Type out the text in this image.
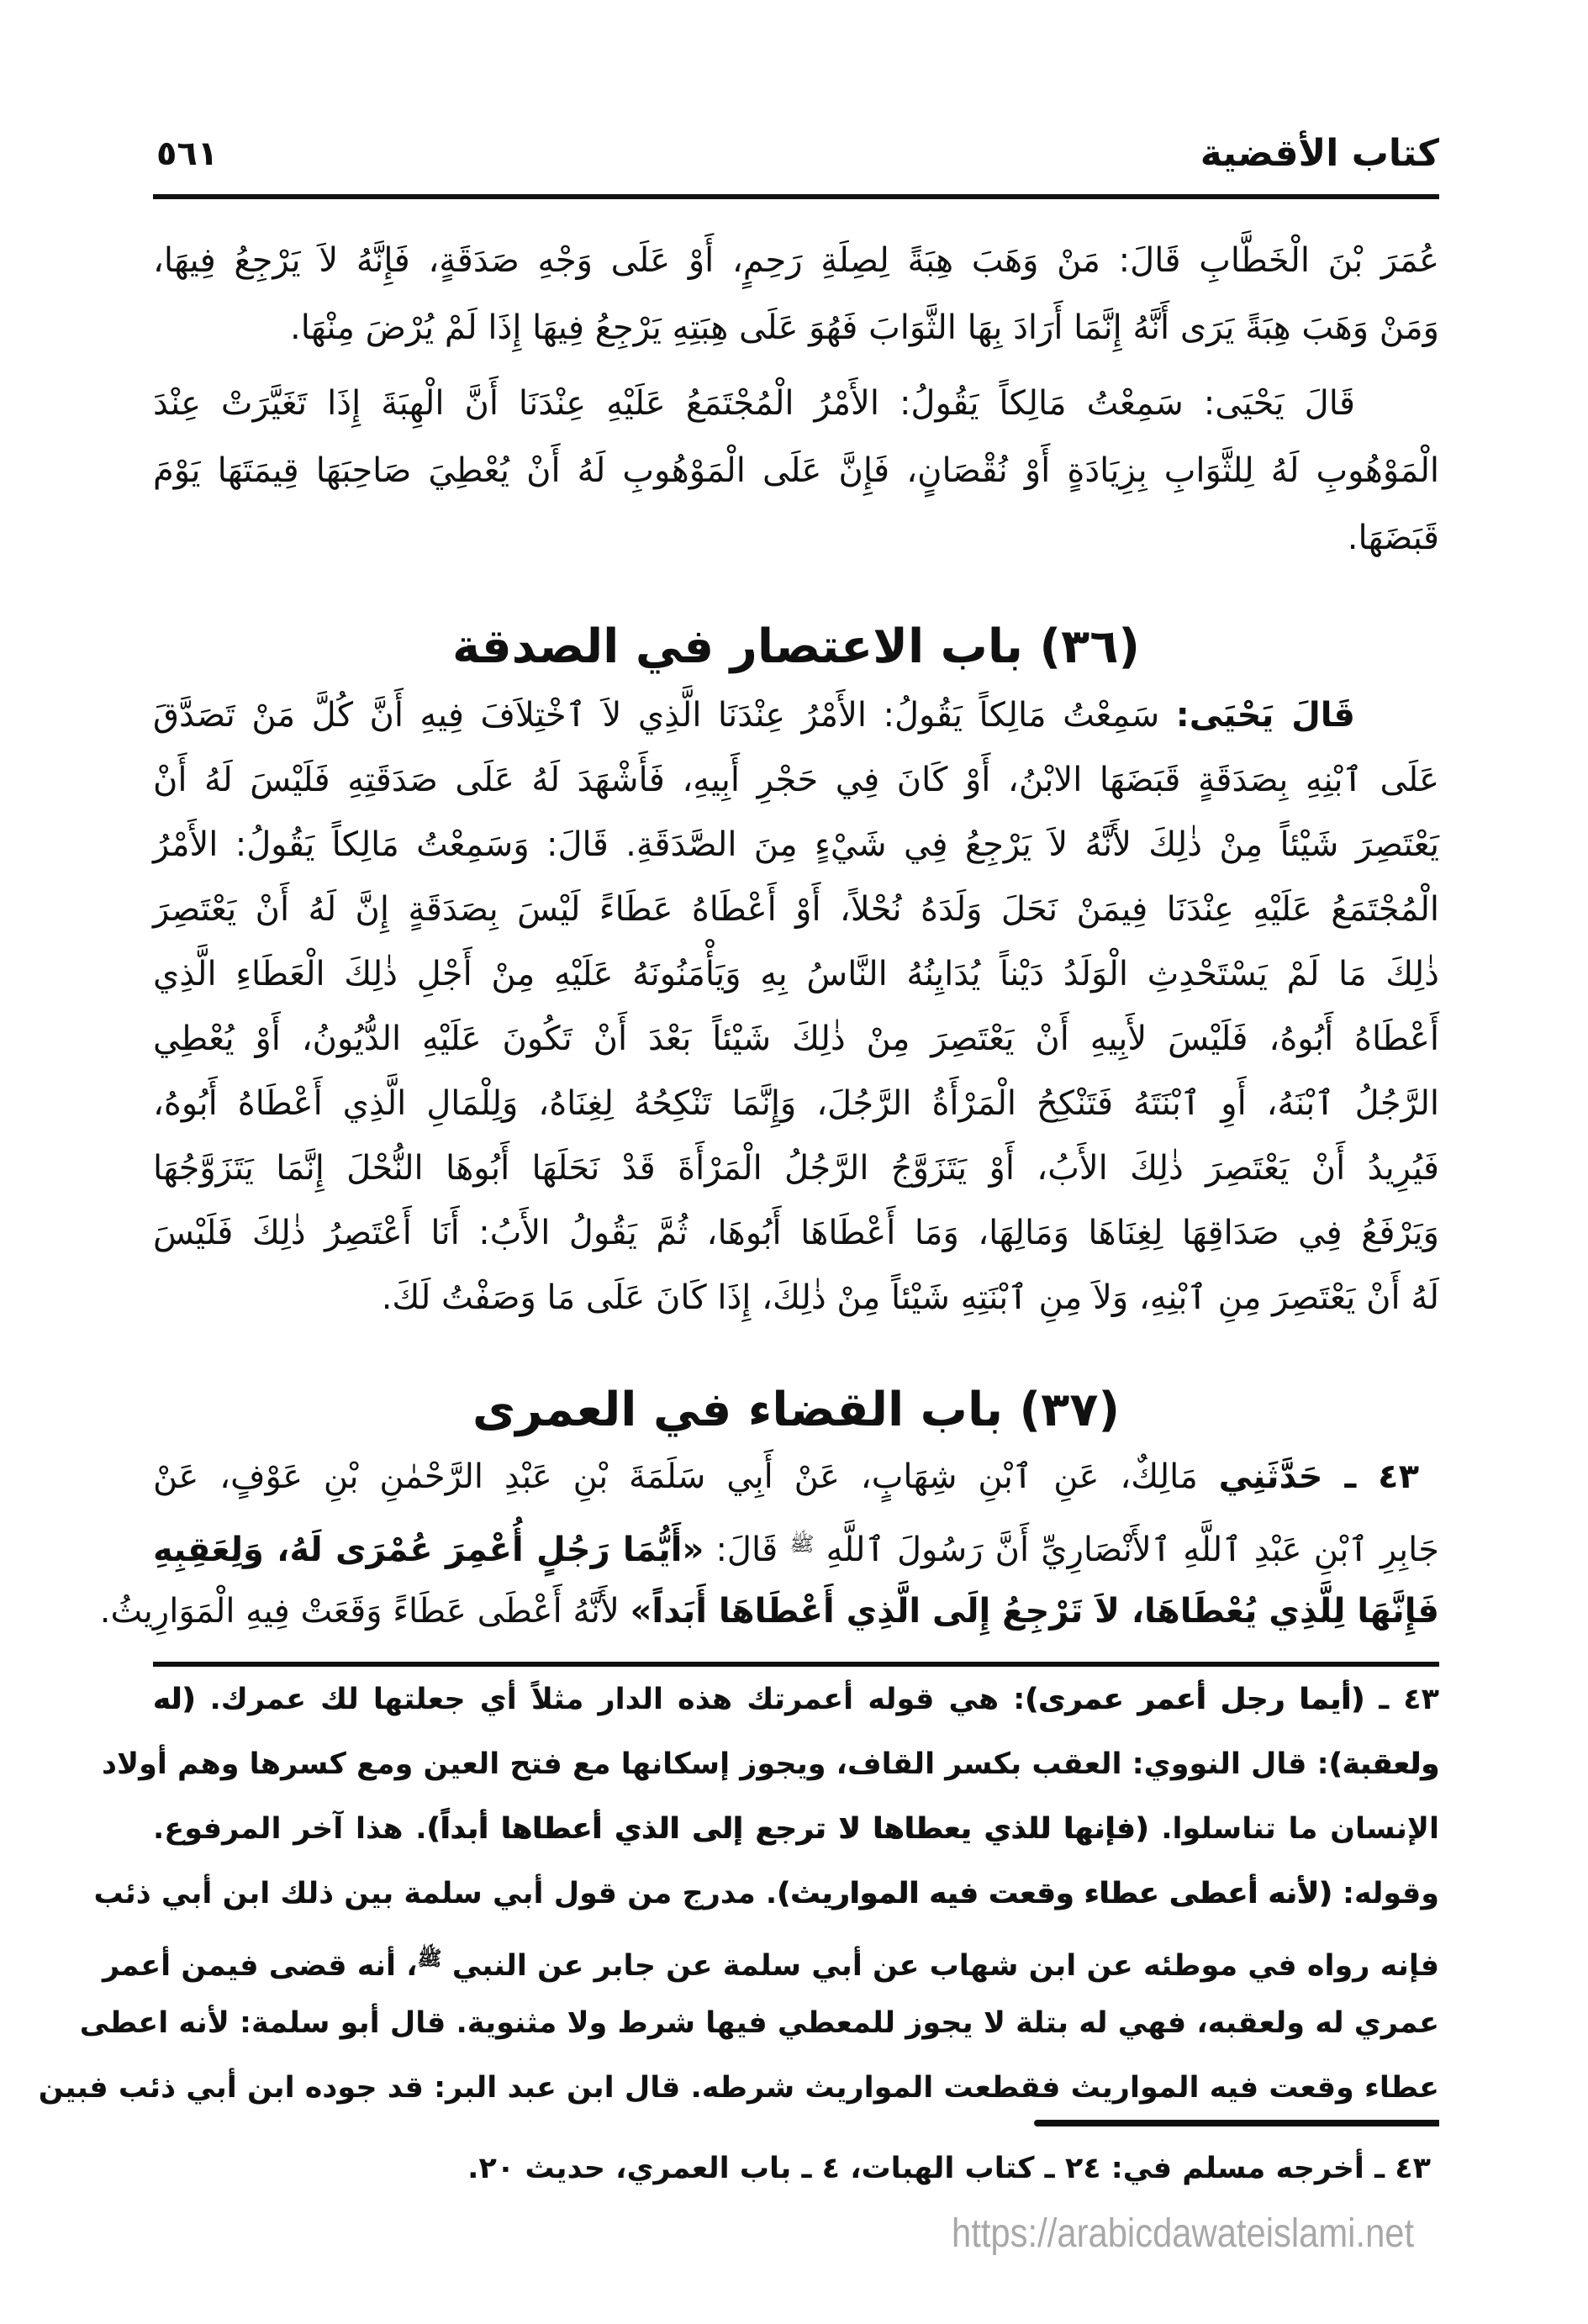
كتاب الأقضية
٥٦١
عُمَرَ بْنَ الْخَطَّابِ قَالَ: مَنْ وَهَبَ هِبَةً لِصِلَةِ رَحِمٍ، أَوْ عَلَى وَجْهِ صَدَقَةٍ، فَإِنَّهُ لاَ يَرْجِعُ فِيهَا،
وَمَنْ وَهَبَ هِبَةً يَرَى أَنَّهُ إِنَّمَا أَرَادَ بِهَا الثَّوَابَ فَهُوَ عَلَى هِبَتِهِ يَرْجِعُ فِيهَا إِذَا لَمْ يُرْضَ مِنْهَا.
قَالَ يَحْيَى: سَمِعْتُ مَالِكاً يَقُولُ: الأَمْرُ الْمُجْتَمَعُ عَلَيْهِ عِنْدَنَا أَنَّ الْهِبَةَ إِذَا تَغَيَّرَتْ عِنْدَ
الْمَوْهُوبِ لَهُ لِلثَّوَابِ بِزِيَادَةٍ أَوْ نُقْصَانٍ، فَإِنَّ عَلَى الْمَوْهُوبِ لَهُ أَنْ يُعْطِيَ صَاحِبَهَا قِيمَتَهَا يَوْمَ
قَبَضَهَا.
(٣٦) باب الاعتصار في الصدقة
قَالَ يَحْيَى: سَمِعْتُ مَالِكاً يَقُولُ: الأَمْرُ عِنْدَنَا الَّذِي لاَ ٱخْتِلاَفَ فِيهِ أَنَّ كُلَّ مَنْ تَصَدَّقَ
عَلَى ٱبْنِهِ بِصَدَقَةٍ قَبَضَهَا الابْنُ، أَوْ كَانَ فِي حَجْرِ أَبِيهِ، فَأَشْهَدَ لَهُ عَلَى صَدَقَتِهِ فَلَيْسَ لَهُ أَنْ
يَعْتَصِرَ شَيْئاً مِنْ ذٰلِكَ لأَنَّهُ لاَ يَرْجِعُ فِي شَيْءٍ مِنَ الصَّدَقَةِ. قَالَ: وَسَمِعْتُ مَالِكاً يَقُولُ: الأَمْرُ
الْمُجْتَمَعُ عَلَيْهِ عِنْدَنَا فِيمَنْ نَحَلَ وَلَدَهُ نُحْلاً، أَوْ أَعْطَاهُ عَطَاءً لَيْسَ بِصَدَقَةٍ إِنَّ لَهُ أَنْ يَعْتَصِرَ
ذٰلِكَ مَا لَمْ يَسْتَحْدِثِ الْوَلَدُ دَيْناً يُدَايِنُهُ النَّاسُ بِهِ وَيَأْمَنُونَهُ عَلَيْهِ مِنْ أَجْلِ ذٰلِكَ الْعَطَاءِ الَّذِي
أَعْطَاهُ أَبُوهُ، فَلَيْسَ لأَبِيهِ أَنْ يَعْتَصِرَ مِنْ ذٰلِكَ شَيْئاً بَعْدَ أَنْ تَكُونَ عَلَيْهِ الدُّيُونُ، أَوْ يُعْطِي
الرَّجُلُ ٱبْنَهُ، أَوِ ٱبْنَتَهُ فَتَنْكِحُ الْمَرْأَةُ الرَّجُلَ، وَإِنَّمَا تَنْكِحُهُ لِغِنَاهُ، وَلِلْمَالِ الَّذِي أَعْطَاهُ أَبُوهُ،
فَيُرِيدُ أَنْ يَعْتَصِرَ ذٰلِكَ الأَبُ، أَوْ يَتَزَوَّجُ الرَّجُلُ الْمَرْأَةَ قَدْ نَحَلَهَا أَبُوهَا النُّحْلَ إِنَّمَا يَتَزَوَّجُهَا
وَيَرْفَعُ فِي صَدَاقِهَا لِغِنَاهَا وَمَالِهَا، وَمَا أَعْطَاهَا أَبُوهَا، ثُمَّ يَقُولُ الأَبُ: أَنَا أَعْتَصِرُ ذٰلِكَ فَلَيْسَ
لَهُ أَنْ يَعْتَصِرَ مِنِ ٱبْنِهِ، وَلاَ مِنِ ٱبْنَتِهِ شَيْئاً مِنْ ذٰلِكَ، إِذَا كَانَ عَلَى مَا وَصَفْتُ لَكَ.
(٣٧) باب القضاء في العمرى
٤٣ ـ حَدَّثَنِي مَالِكٌ، عَنِ ٱبْنِ شِهَابٍ، عَنْ أَبِي سَلَمَةَ بْنِ عَبْدِ الرَّحْمٰنِ بْنِ عَوْفٍ، عَنْ
جَابِرِ ٱبْنِ عَبْدِ ٱللَّهِ ٱلأَنْصَارِيِّ أَنَّ رَسُولَ ٱللَّهِ $^ﷺ$ قَالَ: «أَيُّمَا رَجُلٍ أُعْمِرَ عُمْرَى لَهُ، وَلِعَقِبِهِ
فَإِنَّهَا لِلَّذِي يُعْطَاهَا، لاَ تَرْجِعُ إِلَى الَّذِي أَعْطَاهَا أَبَداً» لأَنَّهُ أَعْطَى عَطَاءً وَقَعَتْ فِيهِ الْمَوَارِيثُ.
٤٣ ـ (أيما رجل أعمر عمرى): هي قوله أعمرتك هذه الدار مثلاً أي جعلتها لك عمرك. (له
ولعقبة): قال النووي: العقب بكسر القاف، ويجوز إسكانها مع فتح العين ومع كسرها وهم أولاد
الإنسان ما تناسلوا. (فإنها للذي يعطاها لا ترجع إلى الذي أعطاها أبداً). هذا آخر المرفوع.
وقوله: (لأنه أعطى عطاء وقعت فيه المواريث). مدرج من قول أبي سلمة بين ذلك ابن أبي ذئب
فإنه رواه في موطئه عن ابن شهاب عن أبي سلمة عن جابر عن النبي $^ﷺ$، أنه قضى فيمن أعمر
عمري له ولعقبه، فهي له بتلة لا يجوز للمعطي فيها شرط ولا مثنوية. قال أبو سلمة: لأنه اعطى
عطاء وقعت فيه المواريث فقطعت المواريث شرطه. قال ابن عبد البر: قد جوده ابن أبي ذئب فبين
٤٣ ـ أخرجه مسلم في: ٢٤ ـ كتاب الهبات، ٤ ـ باب العمري، حديث ٢٠.
https://arabicdawateislami.net
